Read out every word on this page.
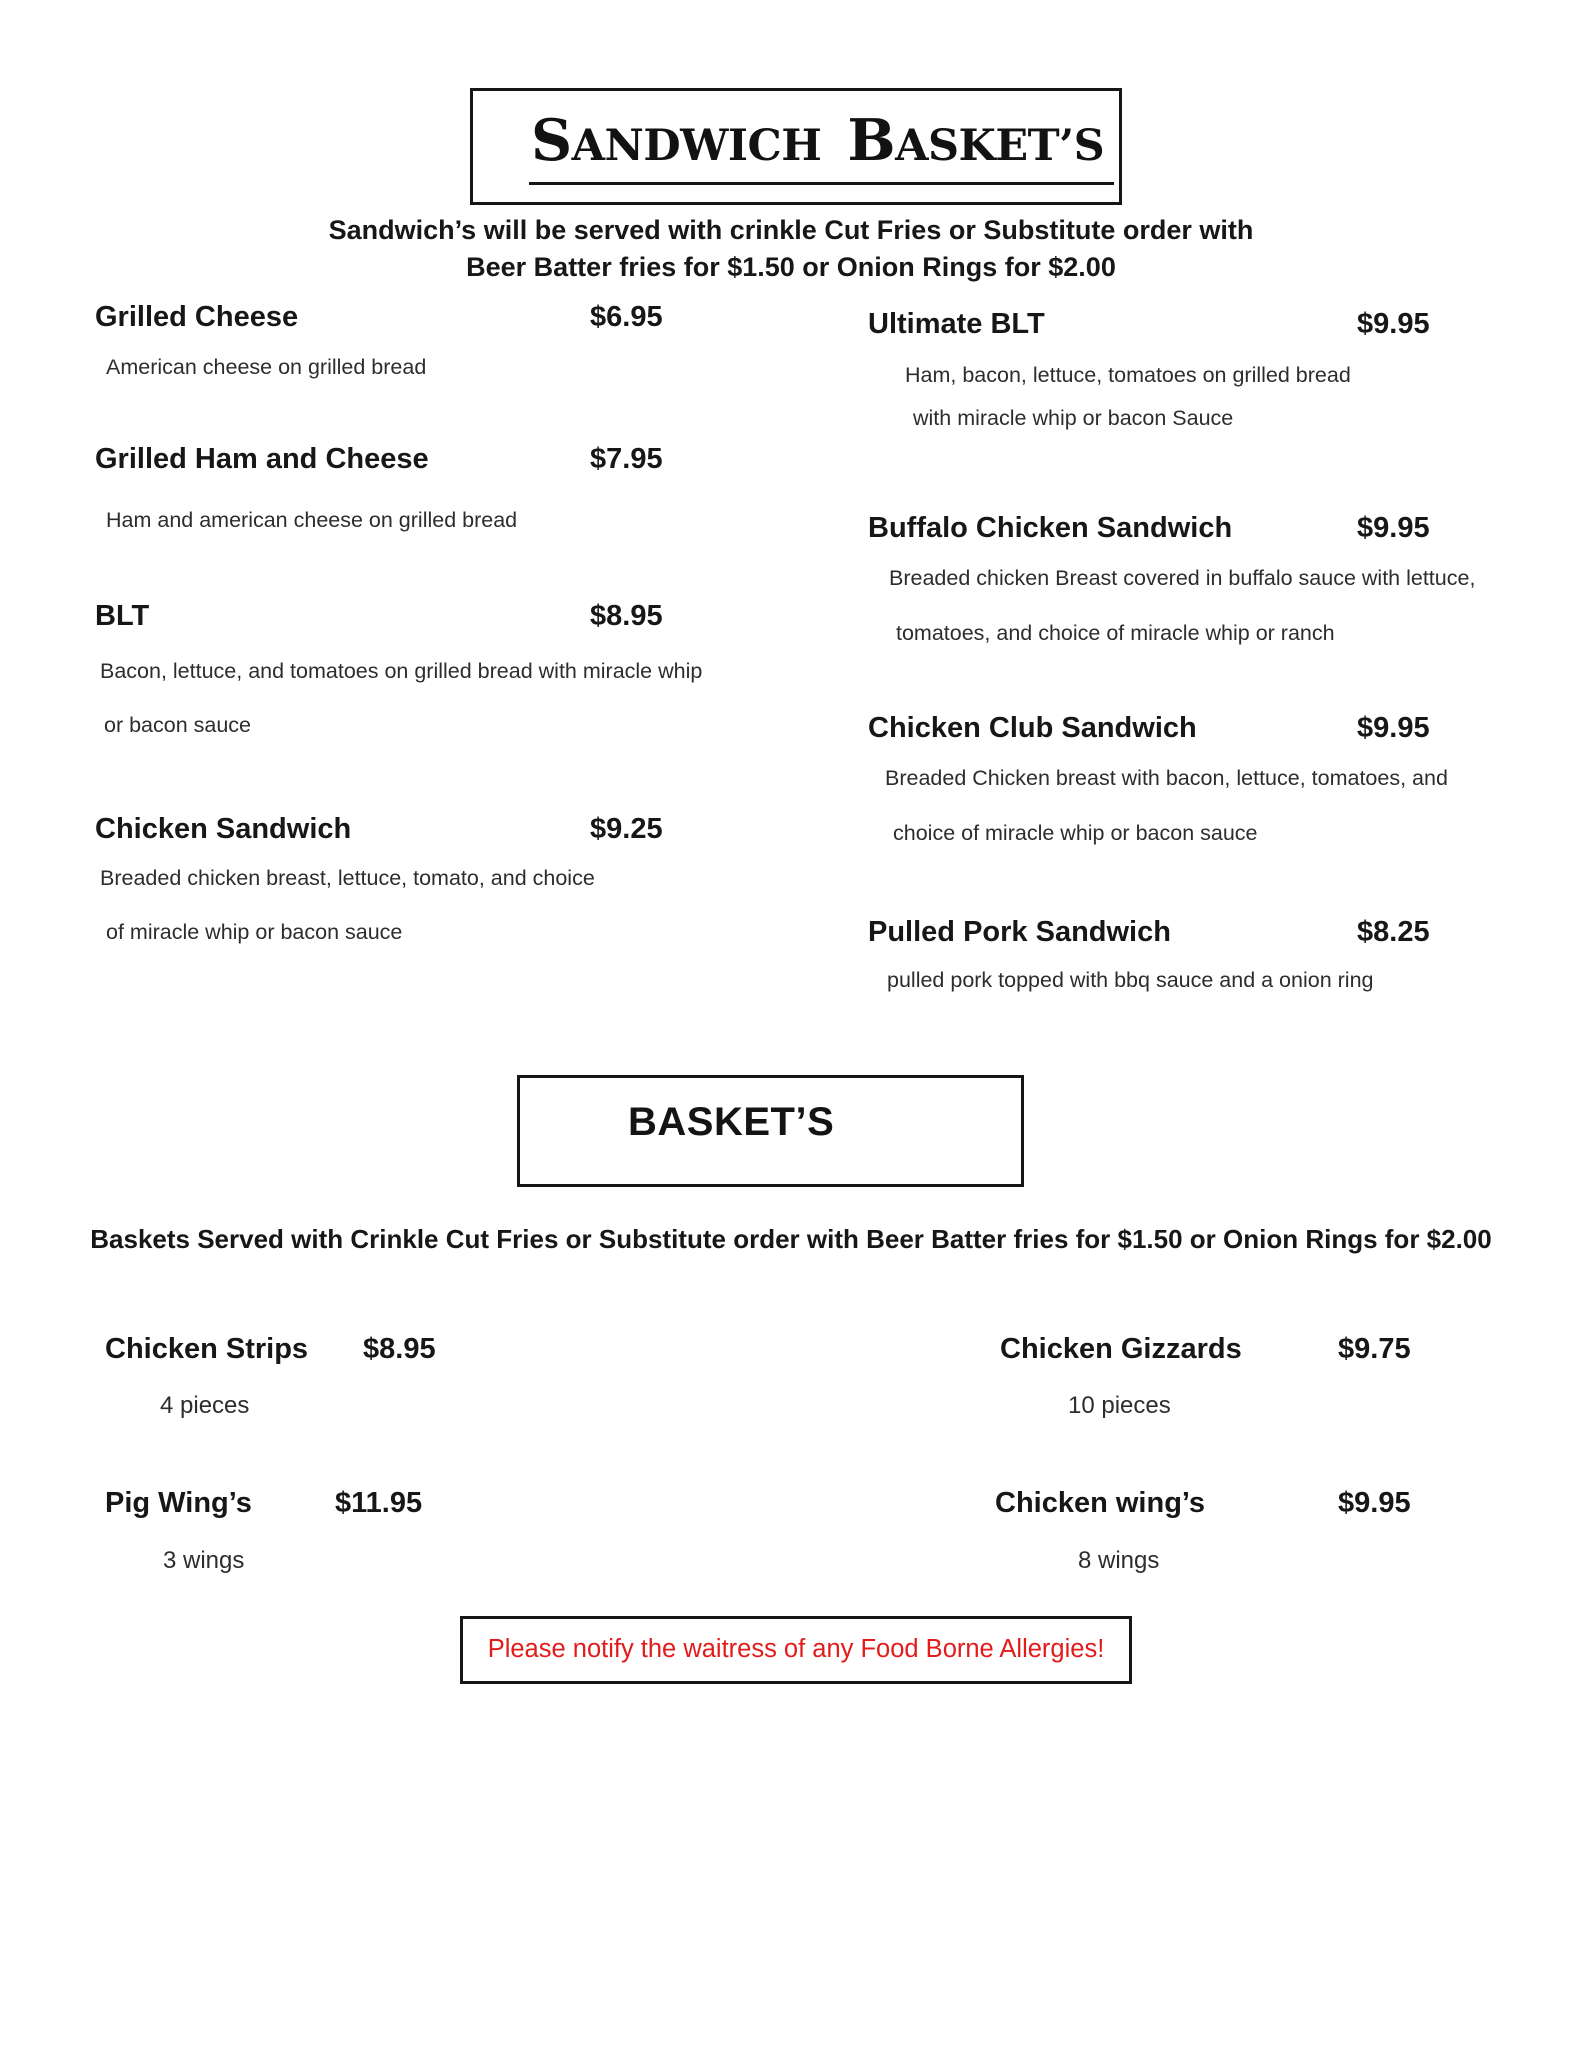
SANDWICH BASKET’S
Sandwich’s will be served with crinkle Cut Fries or Substitute order with
Beer Batter fries for $1.50 or Onion Rings for $2.00
Grilled Cheese	$6.95
American cheese on grilled bread
Grilled Ham and Cheese	$7.95
Ham and american cheese on grilled bread
BLT	$8.95
Bacon, lettuce, and tomatoes on grilled bread with miracle whip
or bacon sauce
Chicken Sandwich	$9.25
Breaded chicken breast, lettuce, tomato, and choice
of miracle whip or bacon sauce
Ultimate BLT	$9.95
Ham, bacon, lettuce, tomatoes on grilled bread
with miracle whip or bacon Sauce
Buffalo Chicken Sandwich	$9.95
Breaded chicken Breast covered in buffalo sauce with lettuce,
tomatoes, and choice of miracle whip or ranch
Chicken Club Sandwich	$9.95
Breaded Chicken breast with bacon, lettuce, tomatoes, and
choice of miracle whip or bacon sauce
Pulled Pork Sandwich	$8.25
pulled pork topped with bbq sauce and a onion ring
BASKET’S
Baskets Served with Crinkle Cut Fries or Substitute order with Beer Batter fries for $1.50 or Onion Rings for $2.00
Chicken Strips $8.95
4 pieces
Chicken Gizzards	$9.75
10 pieces
Pig Wing’s	$11.95
3 wings
Chicken wing’s	$9.95
8 wings
Please notify the waitress of any Food Borne Allergies!
